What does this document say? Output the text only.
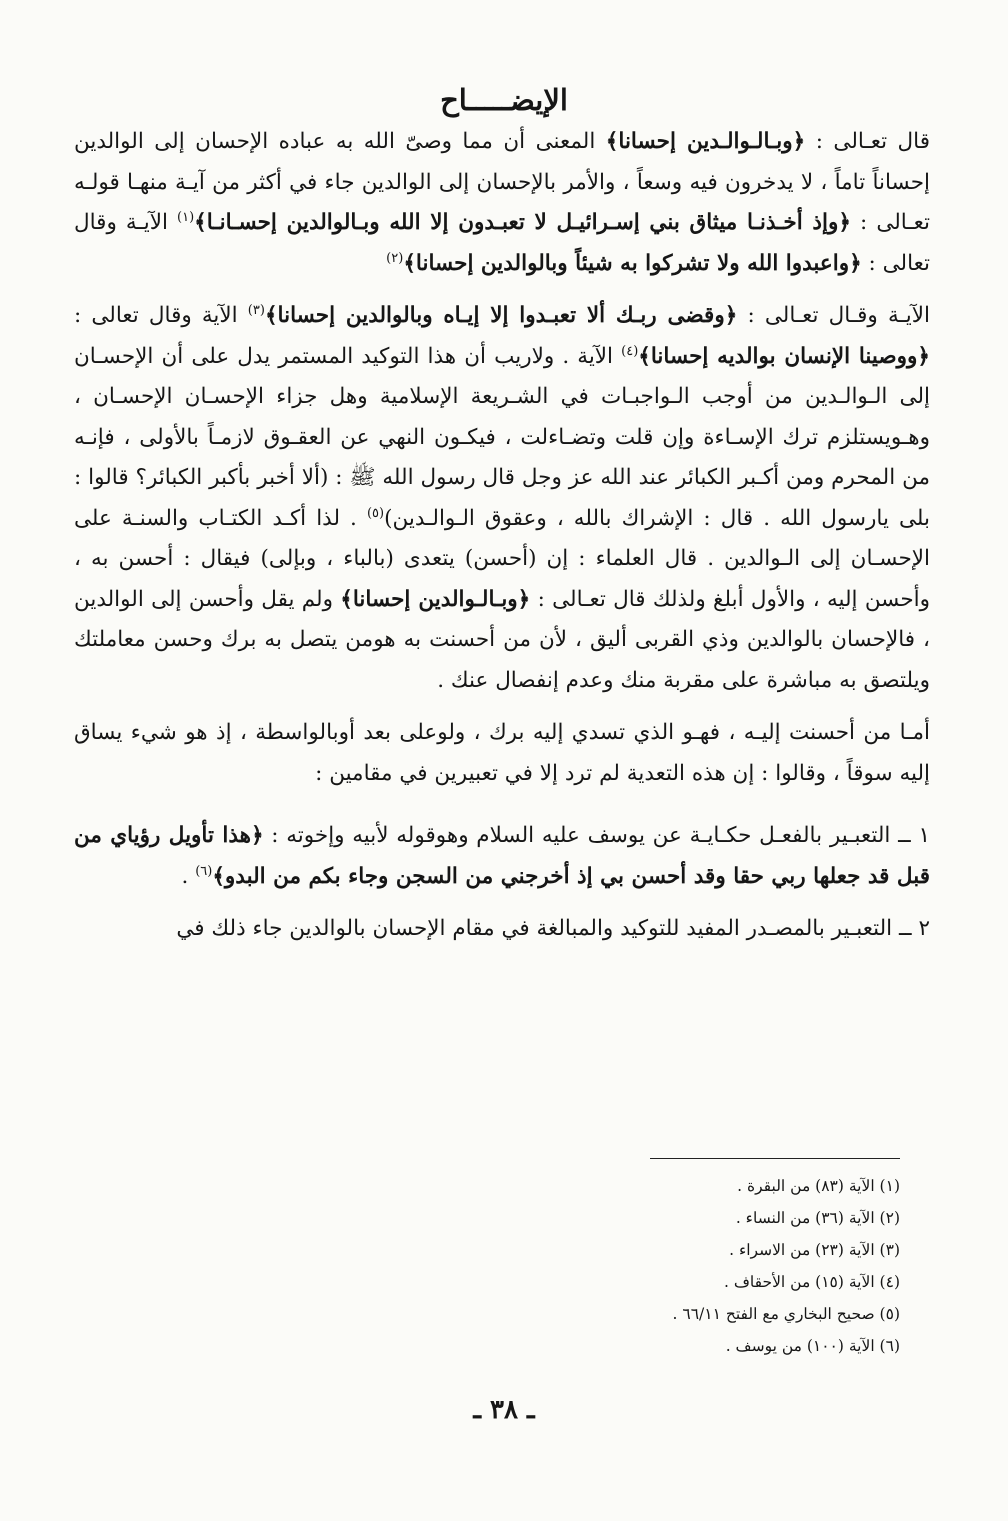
الإيضـــــاح

قال تعـالى : ﴿وبـالـوالـدين إحسانا﴾ المعنى أن مما وصىّ الله به عباده الإحسان إلى الوالدين إحساناً تاماً ، لا يدخرون فيه وسعاً ، والأمر بالإحسان إلى الوالدين جاء في أكثر من آيـة منهـا قولـه تعـالى : ﴿وإذ أخـذنـا ميثاق بني إسـرائيـل لا تعبـدون إلا الله وبـالوالدين إحسـانـا﴾$^{(١)}$ الآيـة وقال تعالى : ﴿واعبدوا الله ولا تشركوا به شيئاً وبالوالدين إحسانا﴾$^{(٢)}$

الآيـة وقـال تعـالى : ﴿وقضى ربـك ألا تعبـدوا إلا إيـاه وبالوالدين إحسانا﴾$^{(٣)}$ الآية وقال تعالى : ﴿ووصينا الإنسان بوالديه إحسانا﴾$^{(٤)}$ الآية . ولاريب أن هذا التوكيد المستمر يدل على أن الإحسـان إلى الـوالـدين من أوجب الـواجبـات في الشـريعة الإسلامية وهل جزاء الإحسـان الإحسـان ، وهـويستلزم ترك الإسـاءة وإن قلت وتضـاءلت ، فيكـون النهي عن العقـوق لازمـاً بالأولى ، فإنـه من المحرم ومن أكـبر الكبائر عند الله عز وجل قال رسول الله ﷺ : (ألا أخبر بأكبر الكبائر؟ قالوا : بلى يارسول الله . قال : الإشراك بالله ، وعقوق الـوالـدين)$^{(٥)}$ . لذا أكـد الكتـاب والسنـة على الإحسـان إلى الـوالدين . قال العلماء : إن (أحسن) يتعدى (بالباء ، وبإلى) فيقال : أحسن به ، وأحسن إليه ، والأول أبلغ ولذلك قال تعـالى : ﴿وبـالـوالدين إحسانا﴾ ولم يقل وأحسن إلى الوالدين ، فالإحسان بالوالدين وذي القربى أليق ، لأن من أحسنت به هومن يتصل به برك وحسن معاملتك ويلتصق به مباشرة على مقربة منك وعدم إنفصال عنك .

أمـا من أحسنت إليـه ، فهـو الذي تسدي إليه برك ، ولوعلى بعد أوبالواسطة ، إذ هو شيء يساق إليه سوقاً ، وقالوا : إن هذه التعدية لم ترد إلا في تعبيرين في مقامين :

١ ــ التعبـير بالفعـل حكـايـة عن يوسف عليه السلام وهوقوله لأبيه وإخوته : ﴿هذا تأويل رؤياي من قبل قد جعلها ربي حقا وقد أحسن بي إذ أخرجني من السجن وجاء بكم من البدو﴾$^{(٦)}$ .

٢ ــ التعبـير بالمصـدر المفيد للتوكيد والمبالغة في مقام الإحسان بالوالدين جاء ذلك في

(١) الآية (٨٣) من البقرة .
(٢) الآية (٣٦) من النساء .
(٣) الآية (٢٣) من الاسراء .
(٤) الآية (١٥) من الأحقاف .
(٥) صحيح البخاري مع الفتح ٦٦/١١ .
(٦) الآية (١٠٠) من يوسف .
ـ ٣٨ ـ
